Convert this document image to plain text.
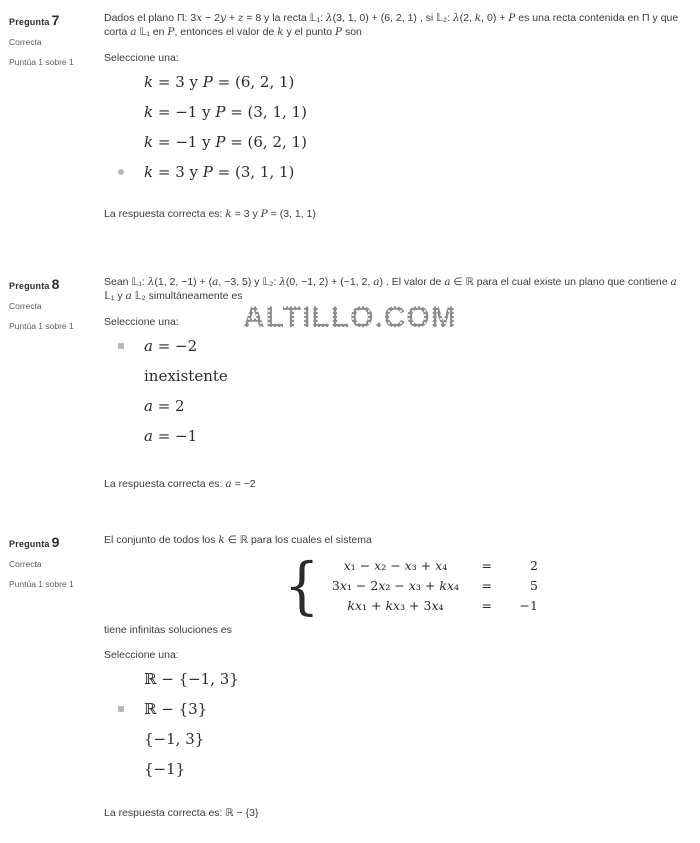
ALTILLO.COM
Pregunta 7
Correcta
Puntúa 1 sobre 1

Dados el plano Π: 3x − 2y + z = 8 y la recta 𝕃₁: λ(3, 1, 0) + (6, 2, 1) , si 𝕃₂: λ(2, k, 0) + P es una recta contenida en Π y que corta a 𝕃₁ en P, entonces el valor de k y el punto P son

Seleccione una:

k = 3 y P = (6, 2, 1)
k = −1 y P = (3, 1, 1)
k = −1 y P = (6, 2, 1)
k = 3 y P = (3, 1, 1)

La respuesta correcta es: k = 3 y P = (3, 1, 1)

Pregunta 8
Correcta
Puntúa 1 sobre 1

Sean 𝕃₁: λ(1, 2, −1) + (a, −3, 5) y 𝕃₂: λ(0, −1, 2) + (−1, 2, a) . El valor de a ∈ ℝ para el cual existe un plano que contiene a 𝕃₁ y a 𝕃₂ simultáneamente es

Seleccione una:

a = −2
inexistente
a = 2
a = −1

La respuesta correcta es: a = −2

Pregunta 9
Correcta
Puntúa 1 sobre 1

El conjunto de todos los k ∈ ℝ para los cuales el sistema

{ x₁ − x₂ − x₃ + x₄	=	2
3x₁ − 2x₂ − x₃ + kx₄	=	5
kx₁ + kx₃ + 3x₄	=	−1

tiene infinitas soluciones es

Seleccione una:

ℝ − {−1, 3}
ℝ − {3}
{−1, 3}
{−1}

La respuesta correcta es: ℝ − {3}
